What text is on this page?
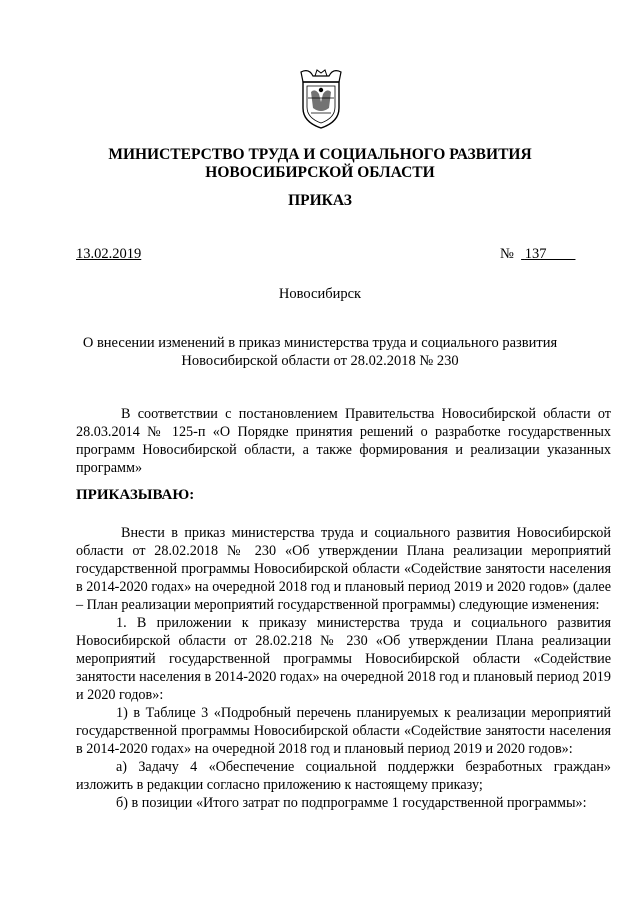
МИНИСТЕРСТВО ТРУДА И СОЦИАЛЬНОГО РАЗВИТИЯ
НОВОСИБИРСКОЙ ОБЛАСТИ
ПРИКАЗ
13.02.2019	№ 137
Новосибирск
О внесении изменений в приказ министерства труда и социального развития
Новосибирской области от 28.02.2018 № 230

В соответствии с постановлением Правительства Новосибирской области от 28.03.2014 № 125-п «О Порядке принятия решений о разработке государственных программ Новосибирской области, а также формирования и реализации указанных программ»

ПРИКАЗЫВАЮ:

Внести в приказ министерства труда и социального развития Новосибирской области от 28.02.2018 № 230 «Об утверждении Плана реализации мероприятий государственной программы Новосибирской области «Содействие занятости населения в 2014-2020 годах» на очередной 2018 год и плановый период 2019 и 2020 годов» (далее – План реализации мероприятий государственной программы) следующие изменения:

1. В приложении к приказу министерства труда и социального развития Новосибирской области от 28.02.218 № 230 «Об утверждении Плана реализации мероприятий государственной программы Новосибирской области «Содействие занятости населения в 2014-2020 годах» на очередной 2018 год и плановый период 2019 и 2020 годов»:

1) в Таблице 3 «Подробный перечень планируемых к реализации мероприятий государственной программы Новосибирской области «Содействие занятости населения в 2014-2020 годах» на очередной 2018 год и плановый период 2019 и 2020 годов»:

а) Задачу 4 «Обеспечение социальной поддержки безработных граждан» изложить в редакции согласно приложению к настоящему приказу;

б) в позиции «Итого затрат по подпрограмме 1 государственной программы»:
